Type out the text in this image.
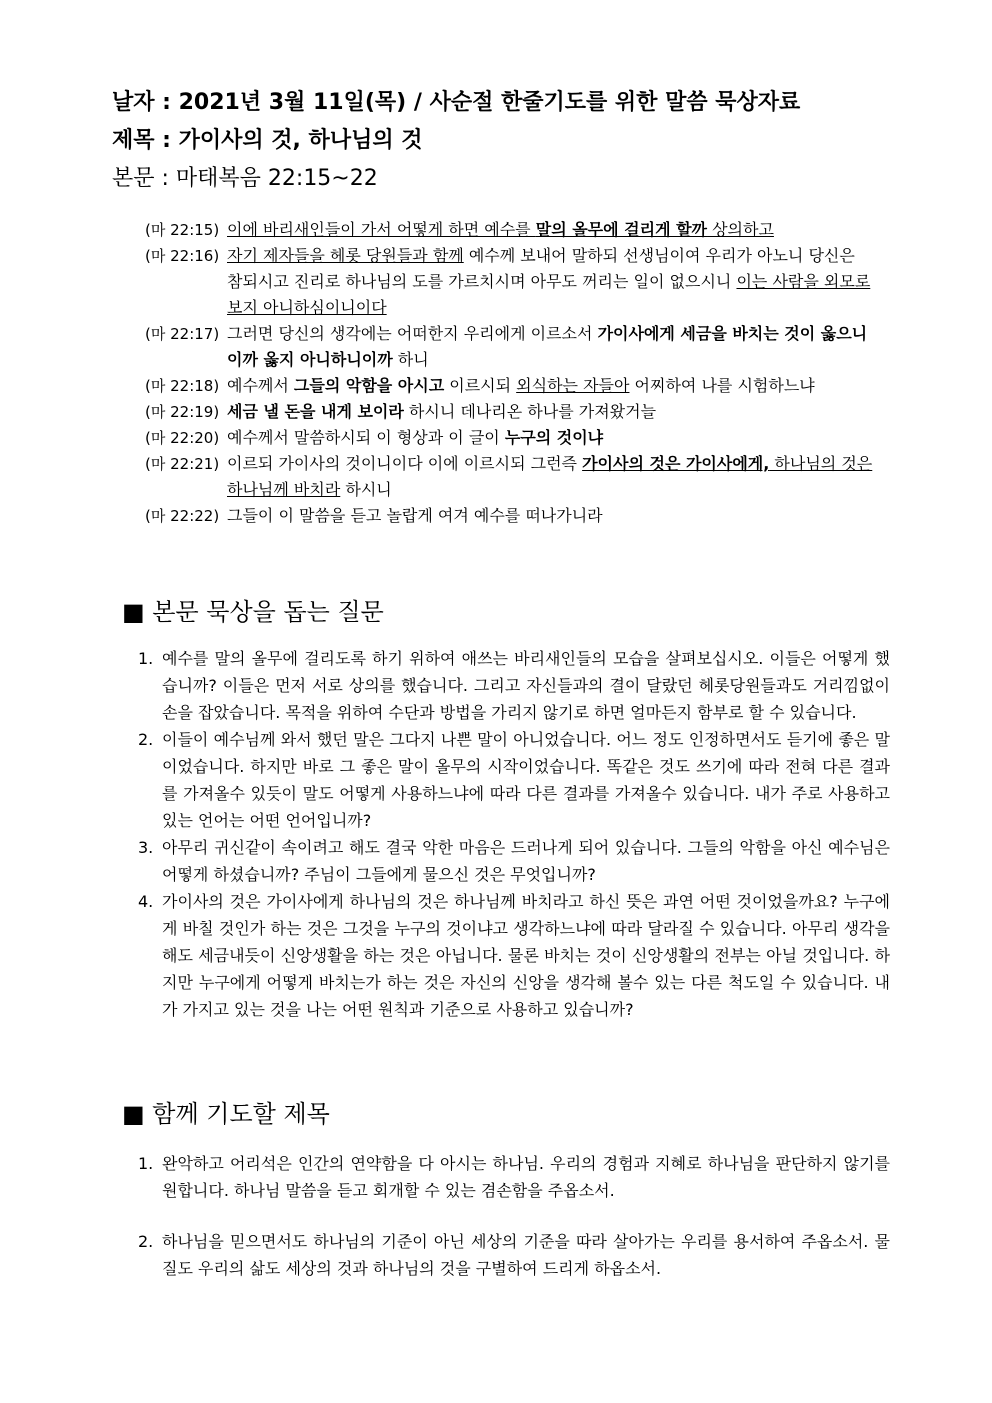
날자 : 2021년 3월 11일(목) / 사순절 한줄기도를 위한 말씀 묵상자료
제목 : 가이사의 것, 하나님의 것
본문 : 마태복음 22:15~22
(마 22:15) 이에 바리새인들이 가서 어떻게 하면 예수를 말의 올무에 걸리게 할까 상의하고
(마 22:16) 자기 제자들을 헤롯 당원들과 함께 예수께 보내어 말하되 선생님이여 우리가 아노니 당신은 참되시고 진리로 하나님의 도를 가르치시며 아무도 꺼리는 일이 없으시니 이는 사람을 외모로 보지 아니하심이니이다
(마 22:17) 그러면 당신의 생각에는 어떠한지 우리에게 이르소서 가이사에게 세금을 바치는 것이 옳으니이까 옳지 아니하니이까 하니
(마 22:18) 예수께서 그들의 악함을 아시고 이르시되 외식하는 자들아 어찌하여 나를 시험하느냐
(마 22:19) 세금 낼 돈을 내게 보이라 하시니 데나리온 하나를 가져왔거늘
(마 22:20) 예수께서 말씀하시되 이 형상과 이 글이 누구의 것이냐
(마 22:21) 이르되 가이사의 것이니이다 이에 이르시되 그런즉 가이사의 것은 가이사에게, 하나님의 것은 하나님께 바치라 하시니
(마 22:22) 그들이 이 말씀을 듣고 놀랍게 여겨 예수를 떠나가니라
■ 본문 묵상을 돕는 질문
1. 예수를 말의 올무에 걸리도록 하기 위하여 애쓰는 바리새인들의 모습을 살펴보십시오. 이들은 어떻게 했습니까? 이들은 먼저 서로 상의를 했습니다. 그리고 자신들과의 결이 달랐던 헤롯당원들과도 거리낌없이 손을 잡았습니다. 목적을 위하여 수단과 방법을 가리지 않기로 하면 얼마든지 함부로 할 수 있습니다.
2. 이들이 예수님께 와서 했던 말은 그다지 나쁜 말이 아니었습니다. 어느 정도 인정하면서도 듣기에 좋은 말이었습니다. 하지만 바로 그 좋은 말이 올무의 시작이었습니다. 똑같은 것도 쓰기에 따라 전혀 다른 결과를 가져올수 있듯이 말도 어떻게 사용하느냐에 따라 다른 결과를 가져올수 있습니다. 내가 주로 사용하고 있는 언어는 어떤 언어입니까?
3. 아무리 귀신같이 속이려고 해도 결국 악한 마음은 드러나게 되어 있습니다. 그들의 악함을 아신 예수님은 어떻게 하셨습니까? 주님이 그들에게 물으신 것은 무엇입니까?
4. 가이사의 것은 가이사에게 하나님의 것은 하나님께 바치라고 하신 뜻은 과연 어떤 것이었을까요? 누구에게 바칠 것인가 하는 것은 그것을 누구의 것이냐고 생각하느냐에 따라 달라질 수 있습니다. 아무리 생각을 해도 세금내듯이 신앙생활을 하는 것은 아닙니다. 물론 바치는 것이 신앙생활의 전부는 아닐 것입니다. 하지만 누구에게 어떻게 바치는가 하는 것은 자신의 신앙을 생각해 볼수 있는 다른 척도일 수 있습니다. 내가 가지고 있는 것을 나는 어떤 원칙과 기준으로 사용하고 있습니까?
■ 함께 기도할 제목
1. 완악하고 어리석은 인간의 연약함을 다 아시는 하나님. 우리의 경험과 지혜로 하나님을 판단하지 않기를 원합니다. 하나님 말씀을 듣고 회개할 수 있는 겸손함을 주옵소서.
2. 하나님을 믿으면서도 하나님의 기준이 아닌 세상의 기준을 따라 살아가는 우리를 용서하여 주옵소서. 물질도 우리의 삶도 세상의 것과 하나님의 것을 구별하여 드리게 하옵소서.
